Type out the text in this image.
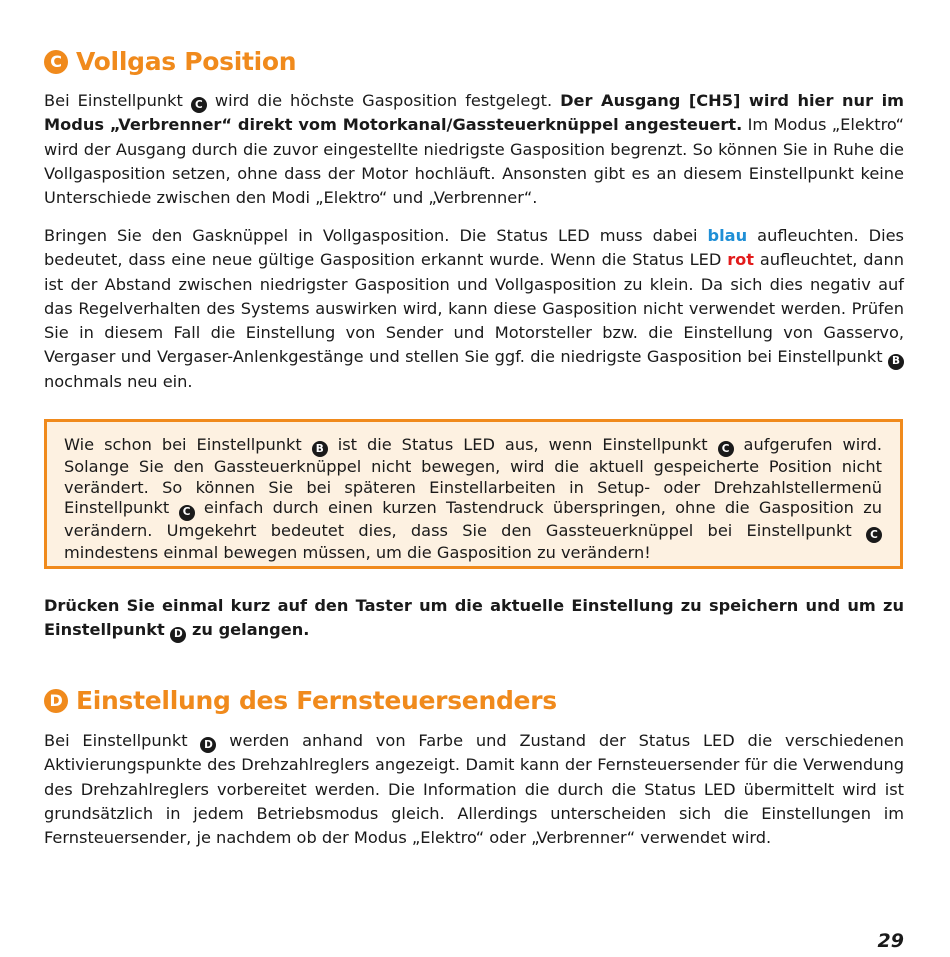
C Vollgas Position

Bei Einstellpunkt C wird die höchste Gasposition festgelegt. Der Ausgang [CH5] wird hier nur im Modus „Verbrenner“ direkt vom Motorkanal/Gassteuerknüppel angesteuert. Im Modus „Elektro“ wird der Ausgang durch die zuvor eingestellte niedrigste Gasposition begrenzt. So können Sie in Ruhe die Vollgasposition setzen, ohne dass der Motor hochläuft. Ansonsten gibt es an diesem Einstellpunkt keine Unterschiede zwischen den Modi „Elektro“ und „Verbrenner“.

Bringen Sie den Gasknüppel in Vollgasposition. Die Status LED muss dabei blau aufleuchten. Dies bedeutet, dass eine neue gültige Gasposition erkannt wurde. Wenn die Status LED rot aufleuchtet, dann ist der Abstand zwischen niedrigster Gasposition und Vollgasposition zu klein. Da sich dies negativ auf das Regelverhalten des Systems auswirken wird, kann diese Gasposition nicht verwendet werden. Prüfen Sie in diesem Fall die Einstellung von Sender und Motorsteller bzw. die Einstellung von Gasservo, Vergaser und Vergaser-Anlenkgestänge und stellen Sie ggf. die niedrigste Gasposition bei Einstellpunkt B nochmals neu ein.

Wie schon bei Einstellpunkt B ist die Status LED aus, wenn Einstellpunkt C aufgerufen wird. Solange Sie den Gassteuerknüppel nicht bewegen, wird die aktuell gespeicherte Position nicht verändert. So können Sie bei späteren Einstellarbeiten in Setup- oder Drehzahlstellermenü Einstellpunkt C einfach durch einen kurzen Tastendruck überspringen, ohne die Gasposition zu verändern. Umgekehrt bedeutet dies, dass Sie den Gassteuerknüppel bei Einstellpunkt C mindestens einmal bewegen müssen, um die Gasposition zu verändern!

Drücken Sie einmal kurz auf den Taster um die aktuelle Einstellung zu speichern und um zu Einstellpunkt D zu gelangen.

D Einstellung des Fernsteuersenders

Bei Einstellpunkt D werden anhand von Farbe und Zustand der Status LED die verschiedenen Aktivierungspunkte des Drehzahlreglers angezeigt. Damit kann der Fernsteuersender für die Verwendung des Drehzahlreglers vorbereitet werden. Die Information die durch die Status LED übermittelt wird ist grundsätzlich in jedem Betriebsmodus gleich. Allerdings unterscheiden sich die Einstellungen im Fernsteuersender, je nachdem ob der Modus „Elektro“ oder „Verbrenner“ verwendet wird.

29
